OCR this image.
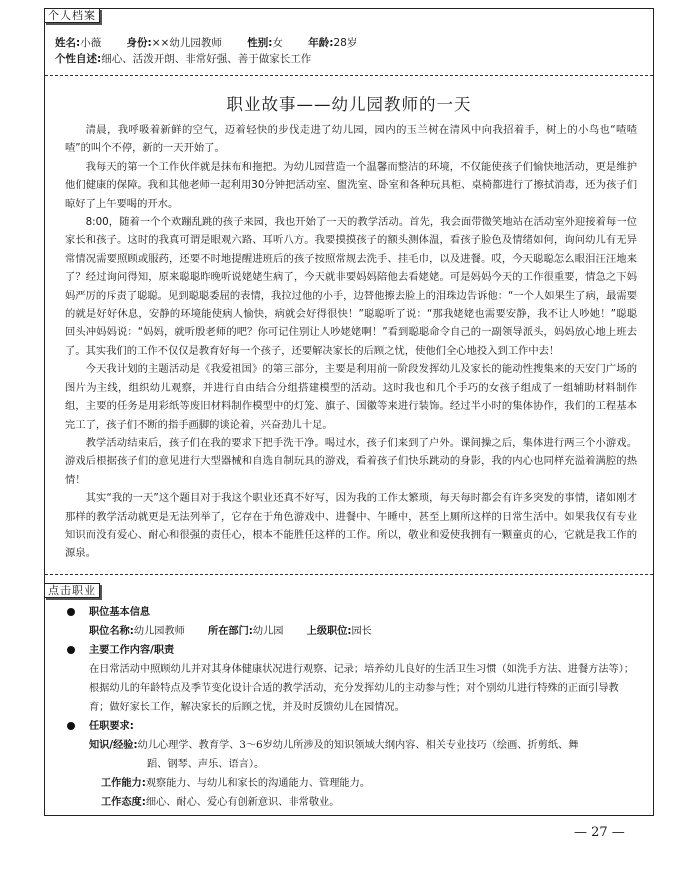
个人档案
姓名:小薇 身份:××幼儿园教师 性别:女 年龄:28岁
个性自述:细心、活泼开朗、非常好强、善于做家长工作
职业故事——幼儿园教师的一天

清晨，我呼吸着新鲜的空气，迈着轻快的步伐走进了幼儿园，园内的玉兰树在清风中向我招着手，树上的小鸟也“喳喳喳”的叫个不停，新的一天开始了。

我每天的第一个工作伙伴就是抹布和拖把。为幼儿园营造一个温馨而整洁的环境，不仅能使孩子们愉快地活动，更是维护他们健康的保障。我和其他老师一起利用30分钟把活动室、盥洗室、卧室和各种玩具柜、桌椅都进行了擦拭消毒，还为孩子们晾好了上午要喝的开水。

8:00，随着一个个欢蹦乱跳的孩子来园，我也开始了一天的教学活动。首先，我会面带微笑地站在活动室外迎接着每一位家长和孩子。这时的我真可谓是眼观六路、耳听八方。我要摸摸孩子的额头测体温，看孩子脸色及情绪如何，询问幼儿有无异常情况需要照顾或服药，还要不时地提醒进班后的孩子按照常规去洗手、挂毛巾，以及进餐。哎，今天聪聪怎么眼泪汪汪地来了？经过询问得知，原来聪聪昨晚听说姥姥生病了，今天就非要妈妈陪他去看姥姥。可是妈妈今天的工作很重要，情急之下妈妈严厉的斥责了聪聪。见到聪聪委屈的表情，我拉过他的小手，边替他擦去脸上的泪珠边告诉他：“一个人如果生了病，最需要的就是好好休息，安静的环境能使病人愉快，病就会好得很快！”聪聪听了说：“那我姥姥也需要安静，我不让人吵她！”聪聪回头冲妈妈说：“妈妈，就听殷老师的吧？你可记住别让人吵姥姥啊！”看到聪聪命令自己的一副领导派头，妈妈放心地上班去了。其实我们的工作不仅仅是教育好每一个孩子，还要解决家长的后顾之忧，使他们全心地投入到工作中去！

今天我计划的主题活动是《我爱祖国》的第三部分，主要是利用前一阶段发挥幼儿及家长的能动性搜集来的天安门广场的图片为主线，组织幼儿观察，并进行自由结合分组搭建模型的活动。这时我也和几个手巧的女孩子组成了一组辅助材料制作组，主要的任务是用彩纸等废旧材料制作模型中的灯笼、旗子、国徽等来进行装饰。经过半小时的集体协作，我们的工程基本完工了，孩子们不断的指手画脚的谈论着，兴奋劲儿十足。

教学活动结束后，孩子们在我的要求下把手洗干净。喝过水，孩子们来到了户外。课间操之后，集体进行两三个小游戏。游戏后根据孩子们的意见进行大型器械和自选自制玩具的游戏，看着孩子们快乐跳动的身影，我的内心也同样充溢着满腔的热情！

其实“我的一天”这个题目对于我这个职业还真不好写，因为我的工作太繁琐，每天每时都会有许多突发的事情，诸如刚才那样的教学活动就更是无法列举了，它存在于角色游戏中、进餐中、午睡中，甚至上厕所这样的日常生活中。如果我仅有专业知识而没有爱心、耐心和很强的责任心，根本不能胜任这样的工作。所以，敬业和爱使我拥有一颗童贞的心，它就是我工作的源泉。

点击职业
职位基本信息
职位名称:幼儿园教师 所在部门:幼儿园 上级职位:园长
主要工作内容/职责
在日常活动中照顾幼儿并对其身体健康状况进行观察、记录；培养幼儿良好的生活卫生习惯（如洗手方法、进餐方法等）；根据幼儿的年龄特点及季节变化设计合适的教学活动，充分发挥幼儿的主动参与性；对个别幼儿进行特殊的正面引导教育；做好家长工作，解决家长的后顾之忧，并及时反馈幼儿在园情况。
任职要求:
知识/经验:幼儿心理学、教育学、3～6岁幼儿所涉及的知识领域大纲内容、相关专业技巧（绘画、折剪纸、舞
蹈、钢琴、声乐、语言）。
工作能力:观察能力、与幼儿和家长的沟通能力、管理能力。
工作态度:细心、耐心、爱心有创新意识、非常敬业。
— 27 —
